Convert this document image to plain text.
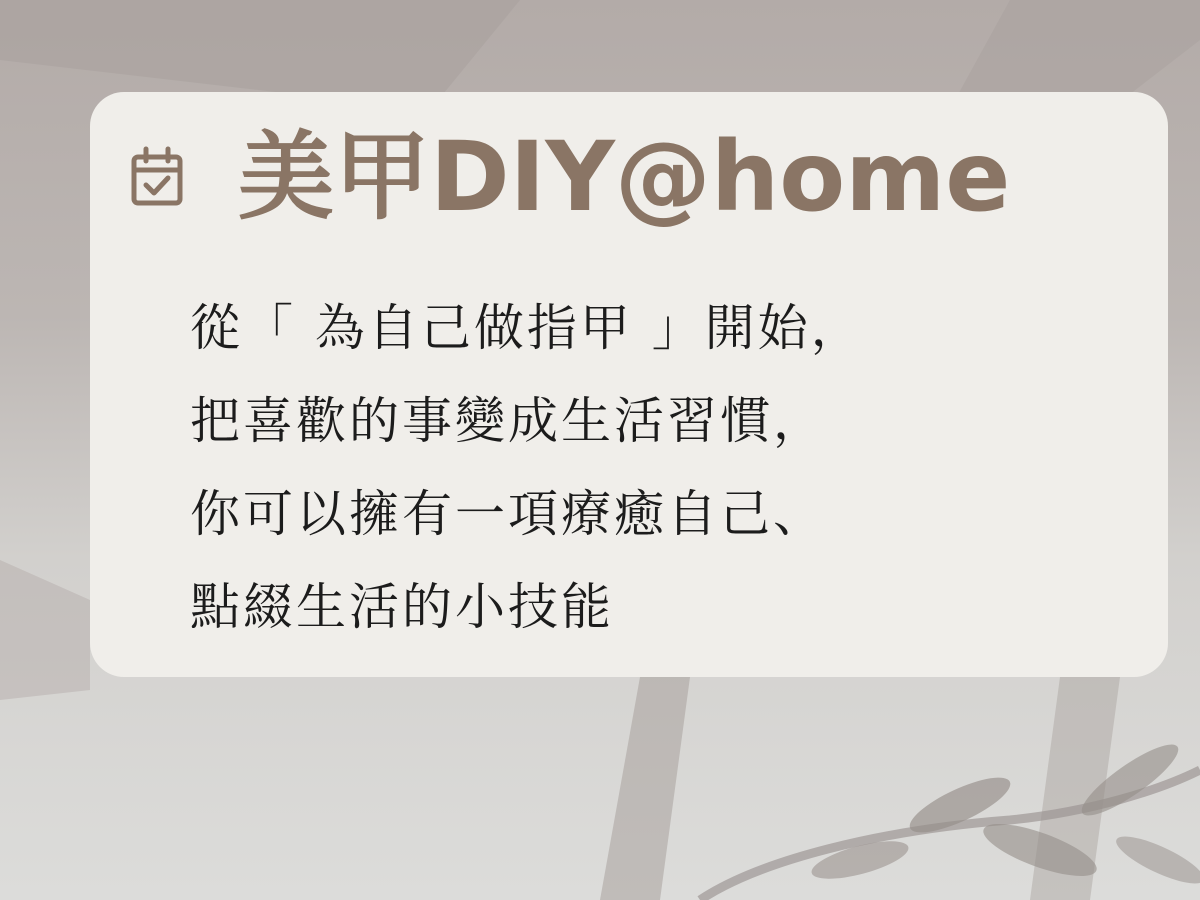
美甲DIY@home
從「 為自己做指甲 」開始，
把喜歡的事變成生活習慣，
你可以擁有一項療癒自己、
點綴生活的小技能
